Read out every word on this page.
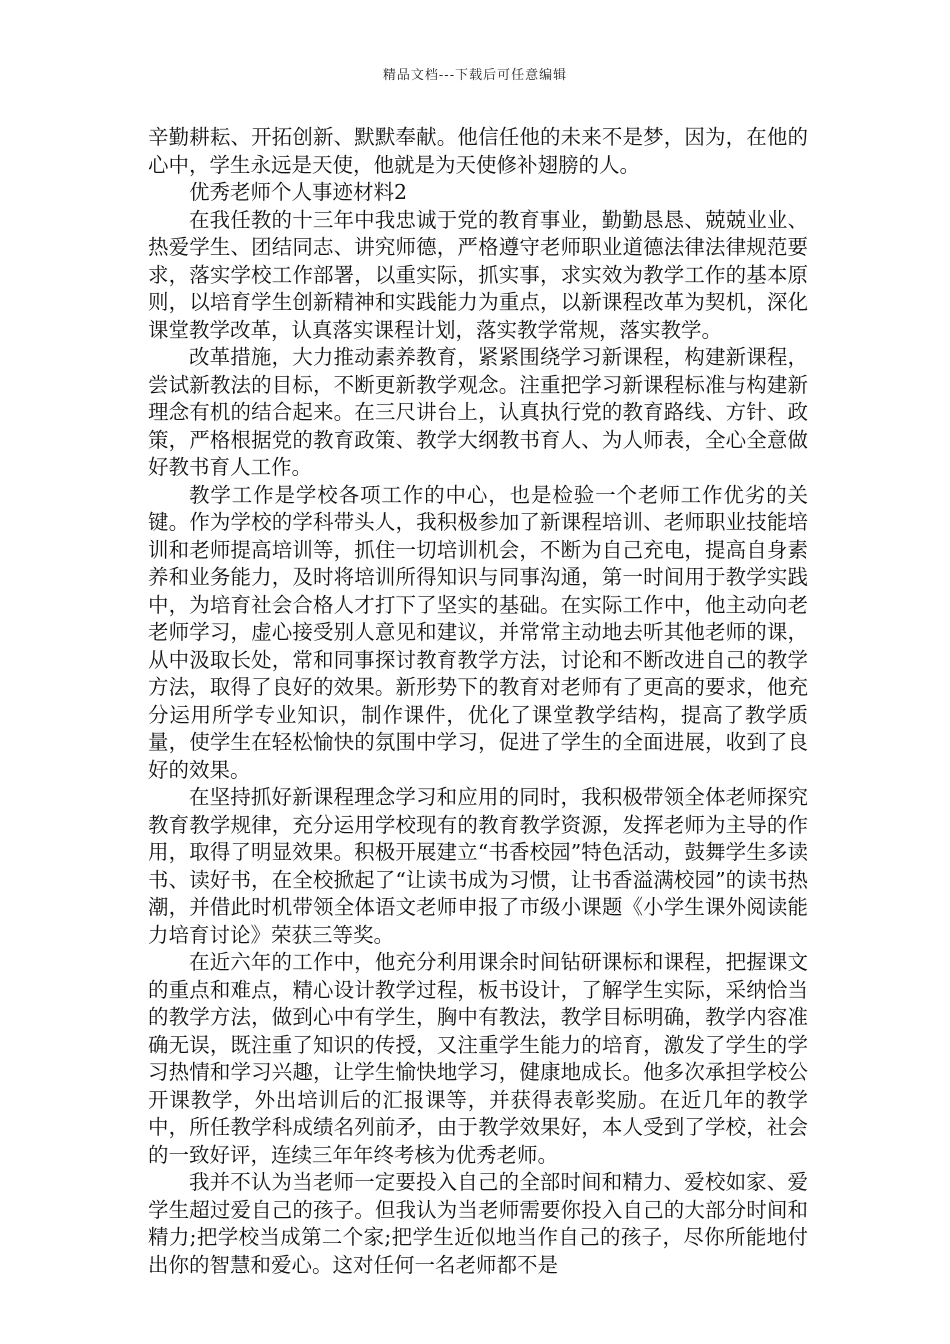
精品文档---下载后可任意编辑

辛勤耕耘、开拓创新、默默奉献。他信任他的未来不是梦，因为，在他的心中，学生永远是天使，他就是为天使修补翅膀的人。

优秀老师个人事迹材料2

在我任教的十三年中我忠诚于党的教育事业，勤勤恳恳、兢兢业业、热爱学生、团结同志、讲究师德，严格遵守老师职业道德法律法律规范要求，落实学校工作部署，以重实际，抓实事，求实效为教学工作的基本原则，以培育学生创新精神和实践能力为重点，以新课程改革为契机，深化课堂教学改革，认真落实课程计划，落实教学常规，落实教学。

改革措施，大力推动素养教育，紧紧围绕学习新课程，构建新课程，尝试新教法的目标，不断更新教学观念。注重把学习新课程标准与构建新理念有机的结合起来。在三尺讲台上，认真执行党的教育路线、方针、政策，严格根据党的教育政策、教学大纲教书育人、为人师表，全心全意做好教书育人工作。

教学工作是学校各项工作的中心，也是检验一个老师工作优劣的关键。作为学校的学科带头人，我积极参加了新课程培训、老师职业技能培训和老师提高培训等，抓住一切培训机会，不断为自己充电，提高自身素养和业务能力，及时将培训所得知识与同事沟通，第一时间用于教学实践中，为培育社会合格人才打下了坚实的基础。在实际工作中，他主动向老老师学习，虚心接受别人意见和建议，并常常主动地去听其他老师的课，从中汲取长处，常和同事探讨教育教学方法，讨论和不断改进自己的教学方法，取得了良好的效果。新形势下的教育对老师有了更高的要求，他充分运用所学专业知识，制作课件，优化了课堂教学结构，提高了教学质量，使学生在轻松愉快的氛围中学习，促进了学生的全面进展，收到了良好的效果。

在坚持抓好新课程理念学习和应用的同时，我积极带领全体老师探究教育教学规律，充分运用学校现有的教育教学资源，发挥老师为主导的作用，取得了明显效果。积极开展建立“书香校园”特色活动，鼓舞学生多读书、读好书，在全校掀起了“让读书成为习惯，让书香溢满校园”的读书热潮，并借此时机带领全体语文老师申报了市级小课题《小学生课外阅读能力培育讨论》荣获三等奖。

在近六年的工作中，他充分利用课余时间钻研课标和课程，把握课文的重点和难点，精心设计教学过程，板书设计，了解学生实际，采纳恰当的教学方法，做到心中有学生，胸中有教法，教学目标明确，教学内容准确无误，既注重了知识的传授，又注重学生能力的培育，激发了学生的学习热情和学习兴趣，让学生愉快地学习，健康地成长。他多次承担学校公开课教学，外出培训后的汇报课等，并获得表彰奖励。在近几年的教学中，所任教学科成绩名列前矛，由于教学效果好，本人受到了学校，社会的一致好评，连续三年年终考核为优秀老师。

我并不认为当老师一定要投入自己的全部时间和精力、爱校如家、爱学生超过爱自己的孩子。但我认为当老师需要你投入自己的大部分时间和精力;把学校当成第二个家;把学生近似地当作自己的孩子，尽你所能地付出你的智慧和爱心。这对任何一名老师都不是
